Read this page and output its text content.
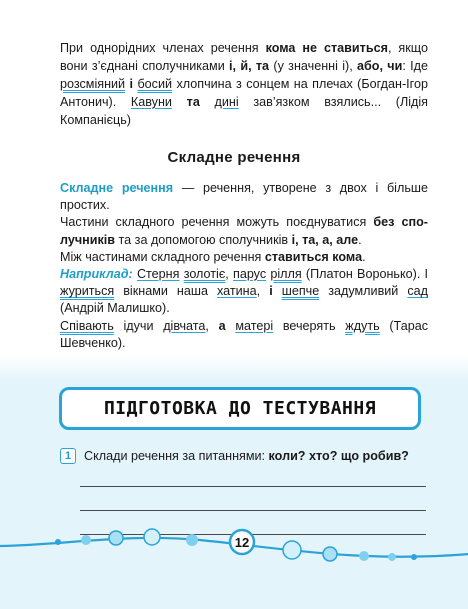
При однорідних членах речення кома не ставиться, якщо вони з’єднані сполучниками і, й, та (у значенні і), або, чи: Іде розсміяний і босий хлопчина з сонцем на плечах (Богдан-Ігор Антонич). Кавуни та дині зав’язком взялись... (Лідія Компанієць)

Складне речення

Складне речення — речення, утворене з двох і більше простих.

Частини складного речення можуть поєднуватися без сполучників та за допомогою сполучників і, та, а, але.

Між частинами складного речення ставиться кома.

Наприклад: Стерня золотіє, парус рілля (Платон Воронько). І журиться вікнами наша хатина, і шепче задумливий сад (Андрій Малишко).

Співають ідучи дівчата, а матері вечерять ждуть (Тарас Шевченко).

ПІДГОТОВКА ДО ТЕСТУВАННЯ
1	Склади речення за питаннями: коли? хто? що робив?
12
